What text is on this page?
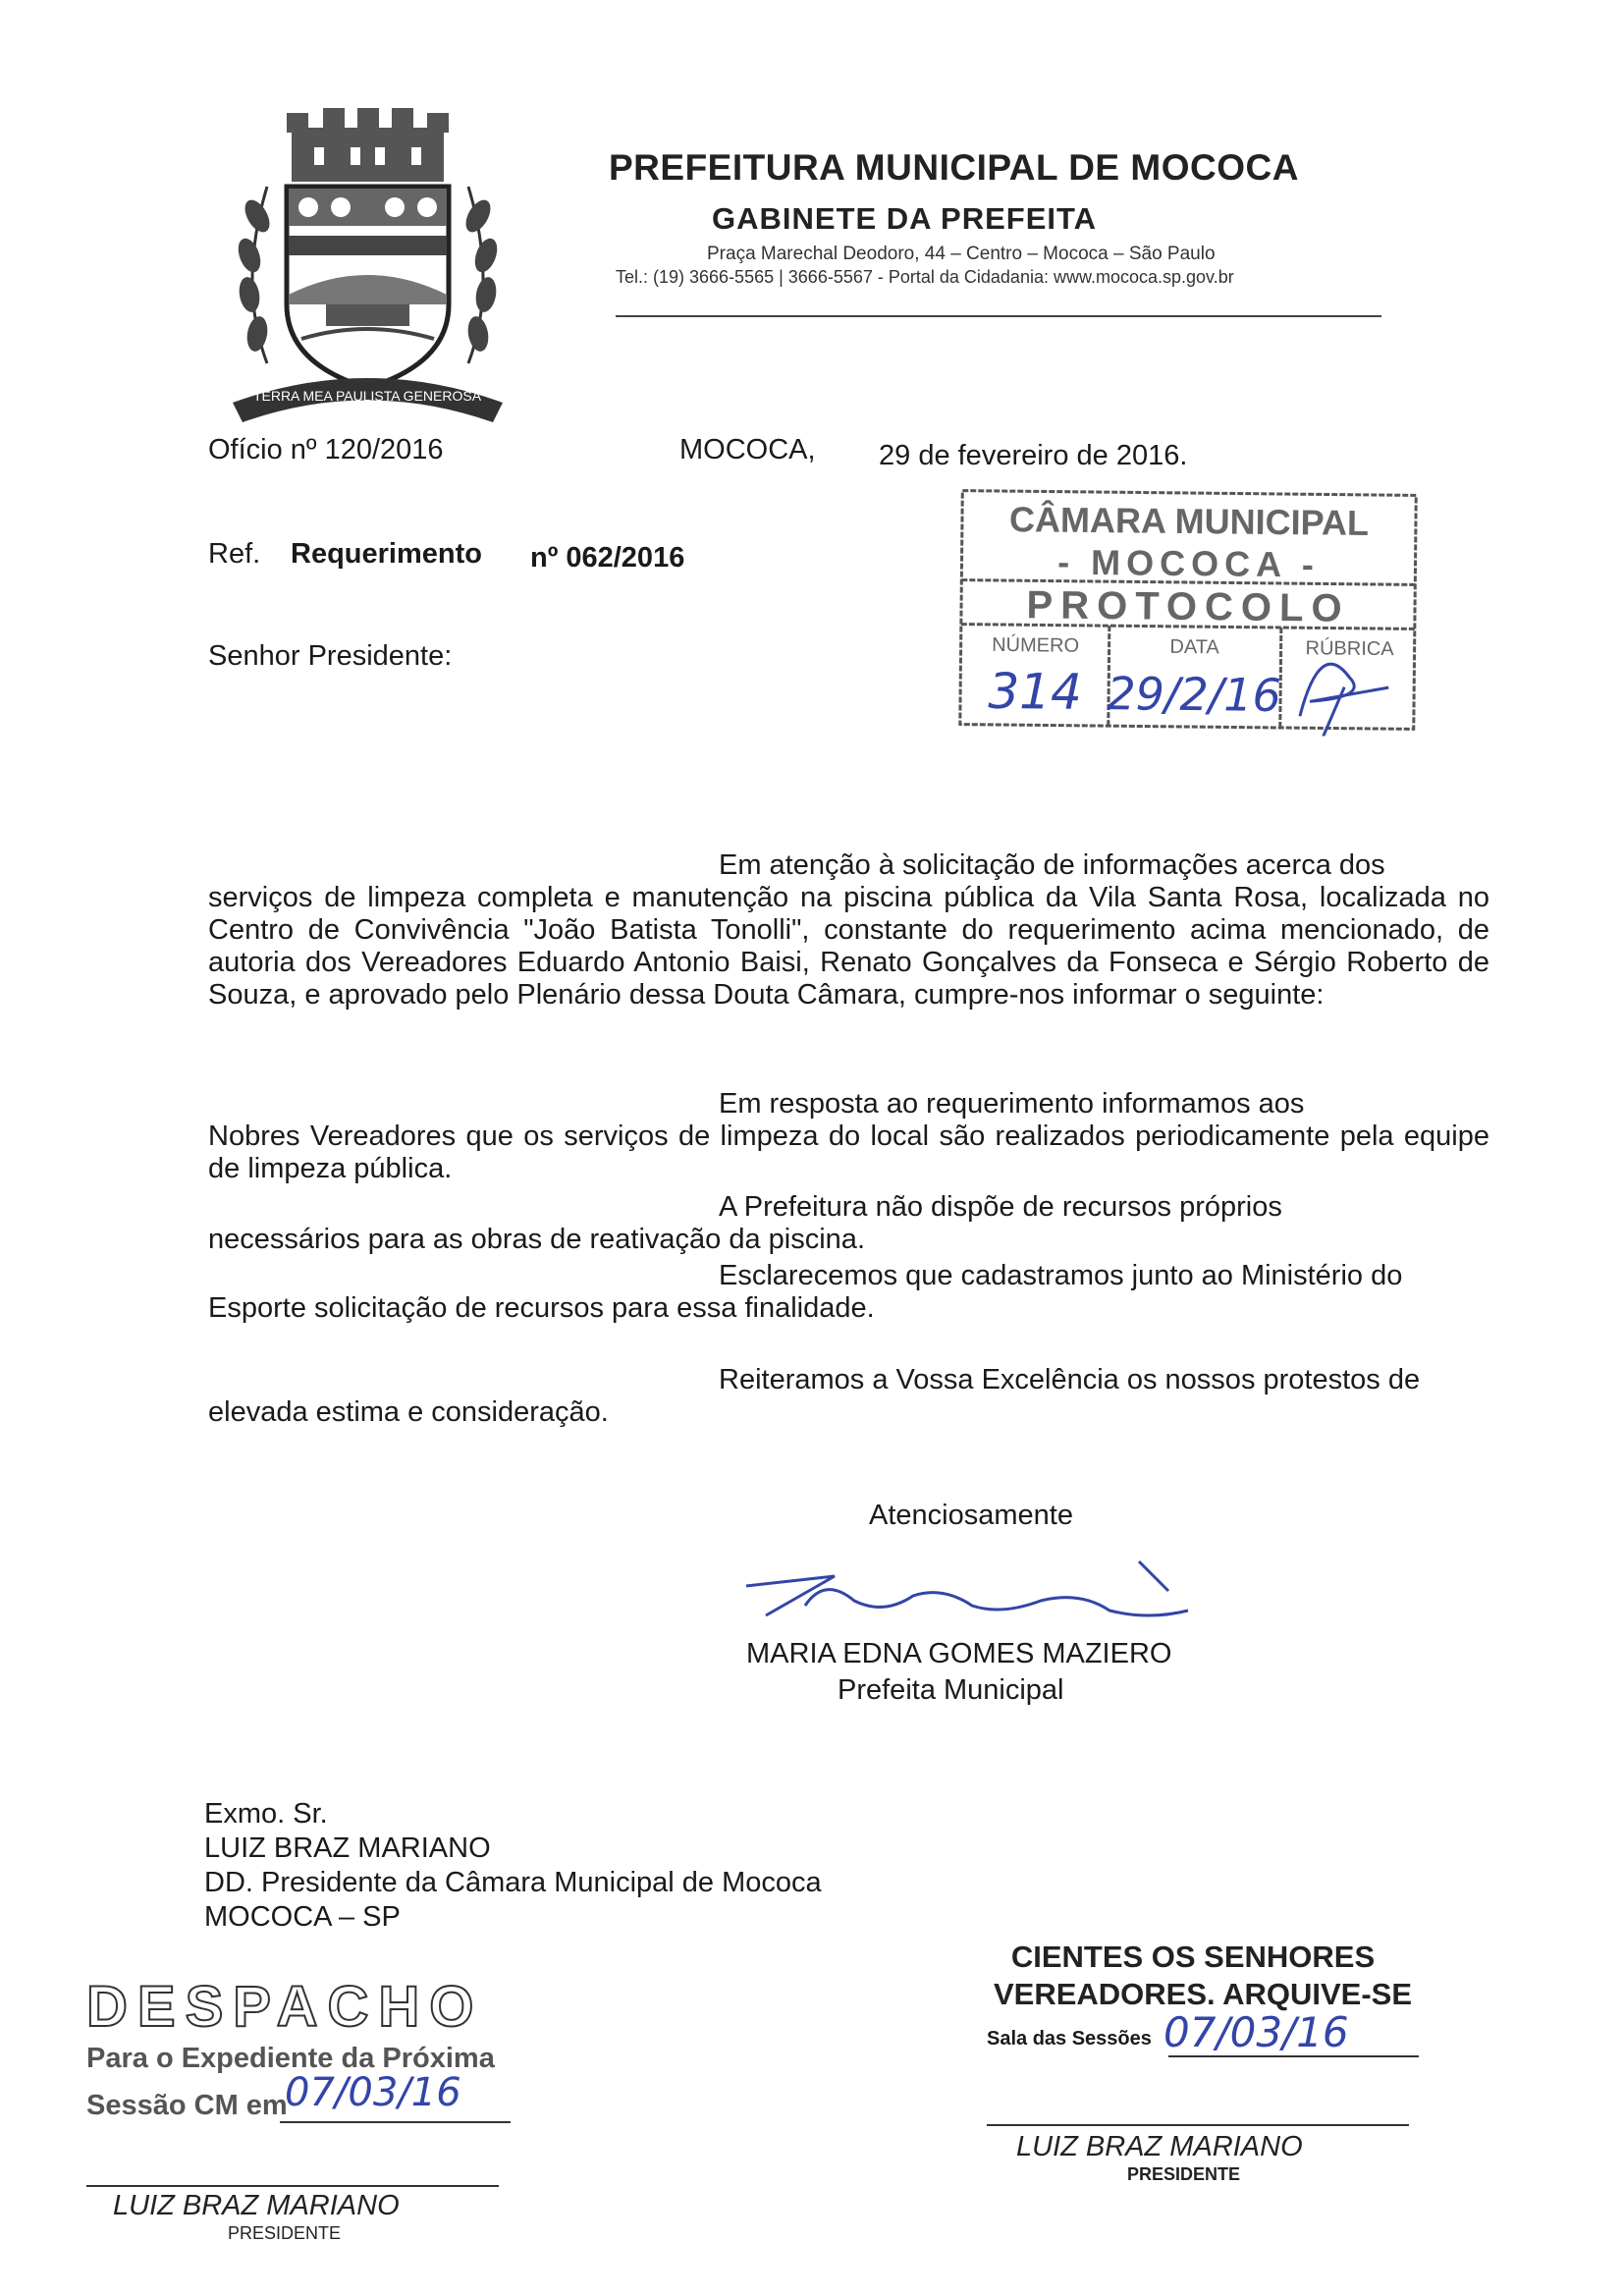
TERRA MEA PAULISTA GENEROSA
PREFEITURA MUNICIPAL DE MOCOCA
GABINETE DA PREFEITA
Praça Marechal Deodoro, 44 – Centro – Mococa – São Paulo
Tel.: (19) 3666-5565 | 3666-5567 - Portal da Cidadania: www.mococa.sp.gov.br
Ofício nº 120/2016	MOCOCA, 29 de fevereiro de 2016.
Ref. Requerimento nº 062/2016
Senhor Presidente:
CÂMARA MUNICIPAL
- MOCOCA -
PROTOCOLO
NÚMERO	DATA	RÚBRICA
314 29/2/16
Em atenção à solicitação de informações acerca dos
serviços de limpeza completa e manutenção na piscina pública da Vila Santa Rosa, localizada no Centro de Convivência "João Batista Tonolli", constante do requerimento acima mencionado, de autoria dos Vereadores Eduardo Antonio Baisi, Renato Gonçalves da Fonseca e Sérgio Roberto de Souza, e aprovado pelo Plenário dessa Douta Câmara, cumpre-nos informar o seguinte:
Em resposta ao requerimento informamos aos
Nobres Vereadores que os serviços de limpeza do local são realizados periodicamente pela equipe de limpeza pública.
A Prefeitura não dispõe de recursos próprios
necessários para as obras de reativação da piscina.
Esclarecemos que cadastramos junto ao Ministério do
Esporte solicitação de recursos para essa finalidade.
Reiteramos a Vossa Excelência os nossos protestos de
elevada estima e consideração.
Atenciosamente
MARIA EDNA GOMES MAZIERO
Prefeita Municipal
Exmo. Sr.
LUIZ BRAZ MARIANO
DD. Presidente da Câmara Municipal de Mococa
MOCOCA – SP
DESPACHO
Para o Expediente da Próxima
Sessão CM em
07/03/16
LUIZ BRAZ MARIANO
PRESIDENTE
CIENTES OS SENHORES
VEREADORES. ARQUIVE-SE
Sala das Sessões 07/03/16
LUIZ BRAZ MARIANO
PRESIDENTE
